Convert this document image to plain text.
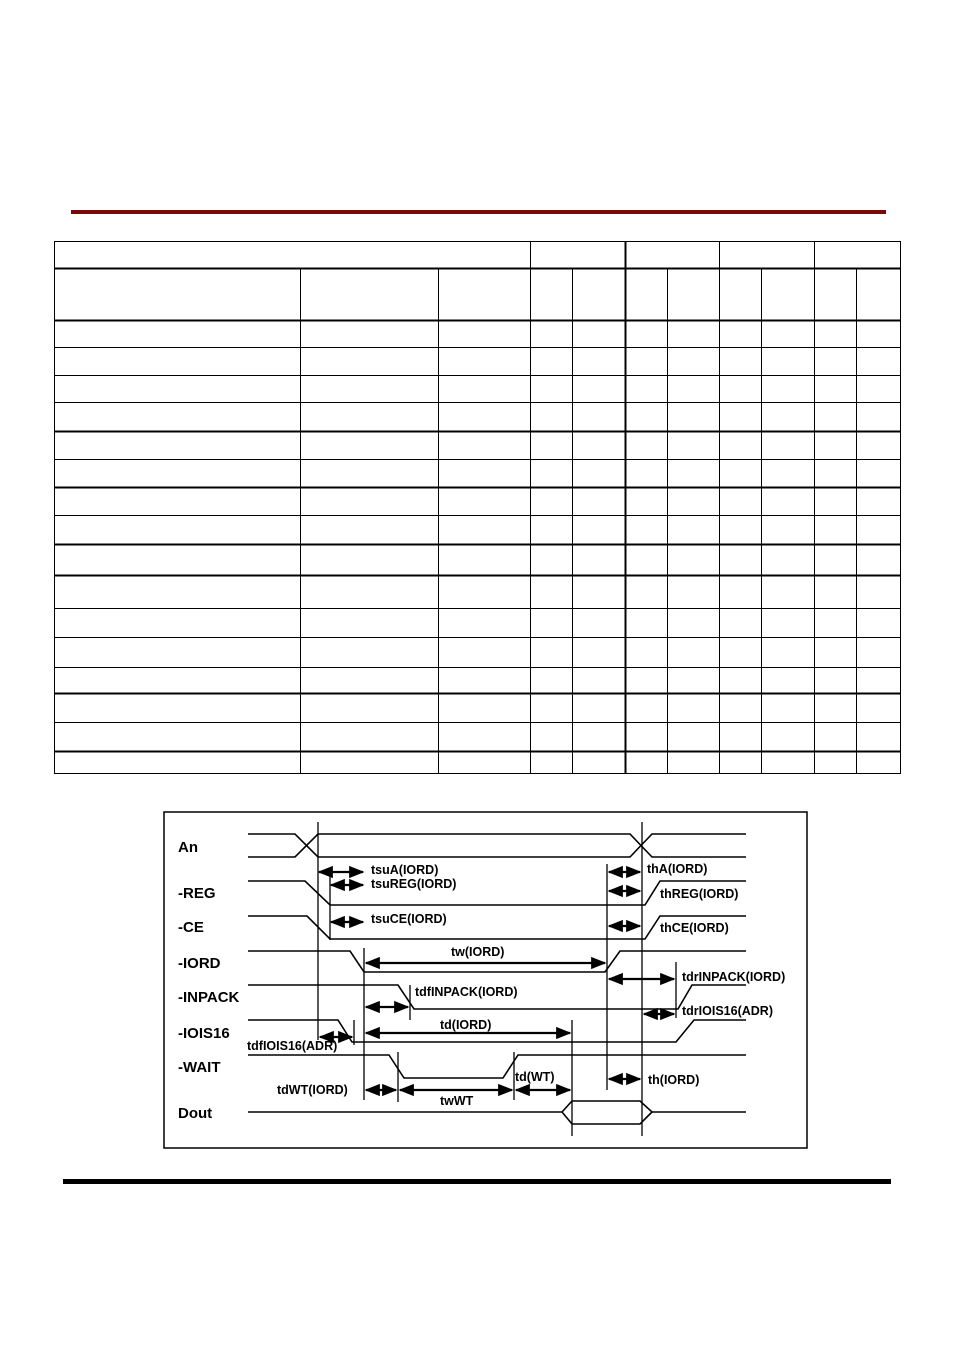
An
-REG
-CE
-IORD
-INPACK
-IOIS16
-WAIT
Dout
tsuA(IORD)
tsuREG(IORD)
tsuCE(IORD)
tw(IORD)
tdfINPACK(IORD)
td(IORD)
tdfIOIS16(ADR)
tdWT(IORD)
twWT
td(WT)
thA(IORD)
thREG(IORD)
thCE(IORD)
tdrINPACK(IORD)
tdrIOIS16(ADR)
th(IORD)
